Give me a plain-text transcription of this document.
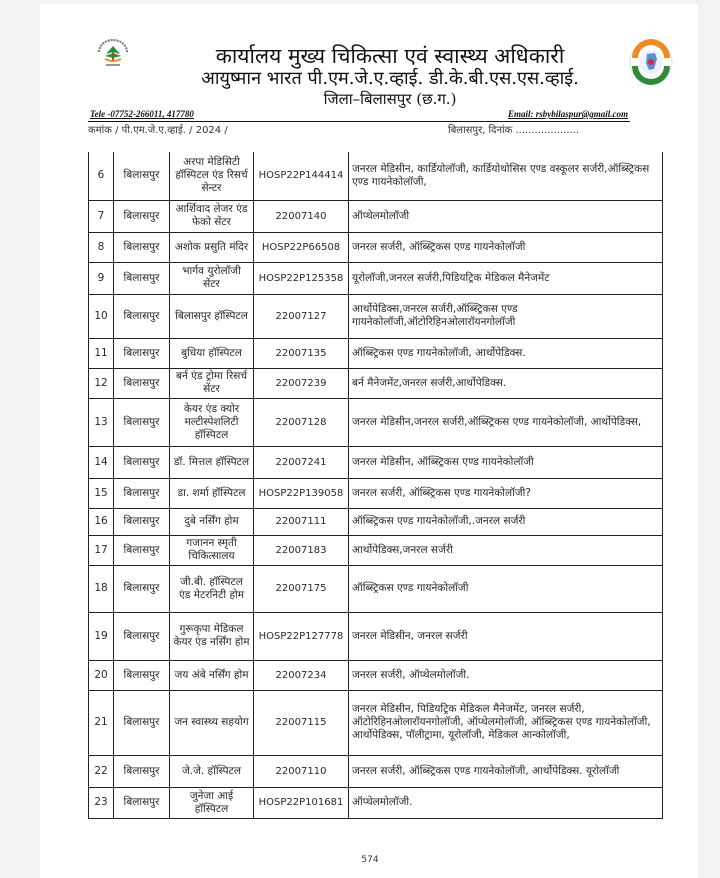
कार्यालय मुख्य चिकित्सा एवं स्वास्थ्य अधिकारी
आयुष्मान भारत पी.एम.जे.ए.व्हाई. डी.के.बी.एस.एस.व्हाई.
जिला–बिलासपुर (छ.ग.)
Tele -07752-266011, 417780	Email: rsbybilaspur@gmail.com
कमांक / पी.एम.जे.ए.व्हाई. / 2024 /	बिलासपुर, दिनांक ....................
6	बिलासपुर	अरपा मेडिसिटी हॉस्पिटल एंड रिसर्च सेन्टर	HOSP22P144414	जनरल मेडिसीन, कार्डियोलॉजी, कार्डियोथोसिस एण्ड वस्कूलर सर्जरी,ऑब्स्ट्रिकस एण्ड गायनेकोलॉजी,
7	बिलासपुर	आर्शिवाद लेजर एंड फेको सेंटर	22007140	ऑप्थेलमोलॉजी
8	बिलासपुर	अशोक प्रसुति मंदिर	HOSP22P66508	जनरल सर्जरी, ऑब्स्ट्रिकस एण्ड गायनेकोलॉजी
9	बिलासपुर	भार्गव युरोलॉजी सेंटर	HOSP22P125358	यूरोलॉजी,जनरल सर्जरी,पिडियट्रिक मेडिकल मैनेजमेंट
10	बिलासपुर	बिलासपुर हॉस्पिटल	22007127	आर्थोपेडिक्स,जनरल सर्जरी,ऑब्स्ट्रिकस एण्ड गायनेकोलॉजी,ऑटोरिहिनओलारॉयनगोलॉजी
11	बिलासपुर	बुधिया हॉस्पिटल	22007135	ऑब्स्ट्रिकस एण्ड गायनेकोलॉजी, आर्थोपेडिक्स.
12	बिलासपुर	बर्न एंड ट्रोमा रिसर्च सेंटर	22007239	बर्न मैनेजमेंट,जनरल सर्जरी,आर्थोपेडिक्स.
13	बिलासपुर	केयर एंड क्योर मल्टीस्पेशलिटी हॉस्पिटल	22007128	जनरल मेडिसीन,जनरल सर्जरी,ऑब्स्ट्रिकस एण्ड गायनेकोलॉजी, आर्थोपेडिक्स,
14	बिलासपुर	डॉ. मित्तल हॉस्पिटल	22007241	जनरल मेडिसीन, ऑब्स्ट्रिकस एण्ड गायनेकोलॉजी
15	बिलासपुर	डा. शर्मा हॉस्पिटल	HOSP22P139058	जनरल सर्जरी, ऑब्स्ट्रिकस एण्ड गायनेकोलॉजी?
16	बिलासपुर	दुबे नर्सिंग होम	22007111	ऑब्स्ट्रिकस एण्ड गायनेकोलॉजी,.जनरल सर्जरी
17	बिलासपुर	गजानन स्मृती चिकित्सालय	22007183	आर्थोपेडिक्स,जनरल सर्जरी
18	बिलासपुर	जी.बी. हॉस्पिटल एंड मेटरनिटी होम	22007175	ऑब्स्ट्रिकस एण्ड गायनेकोलॉजी
19	बिलासपुर	गुरूकृपा मेडिकल केयर एंड नर्सिंग होम	HOSP22P127778	जनरल मेडिसीन, जनरल सर्जरी
20	बिलासपुर	जय अंबे नर्सिंग होम	22007234	जनरल सर्जरी, ऑप्थेलमोलॉजी.
21	बिलासपुर	जन स्वास्थ्य सहयोग	22007115	जनरल मेडिसीन, पिडियट्रिक मेडिकल मैनेजमेंट, जनरल सर्जरी, ऑटोरिहिनओलारॉयनगोलॉजी, ऑप्थेलमोलॉजी, ऑब्स्ट्रिकस एण्ड गायनेकोलॉजी, आर्थोपेडिक्स, पॉलीट्रामा, यूरोलॉजी, मेडिकल आन्कोलॉजी,
22	बिलासपुर	जे.जे. हॉस्पिटल	22007110	जनरल सर्जरी, ऑब्स्ट्रिकस एण्ड गायनेकोलॉजी, आर्थोपेडिक्स. यूरोलॉजी
23	बिलासपुर	जुनेजा आई हॉस्पिटल	HOSP22P101681	ऑप्थेलमोलॉजी.
574
